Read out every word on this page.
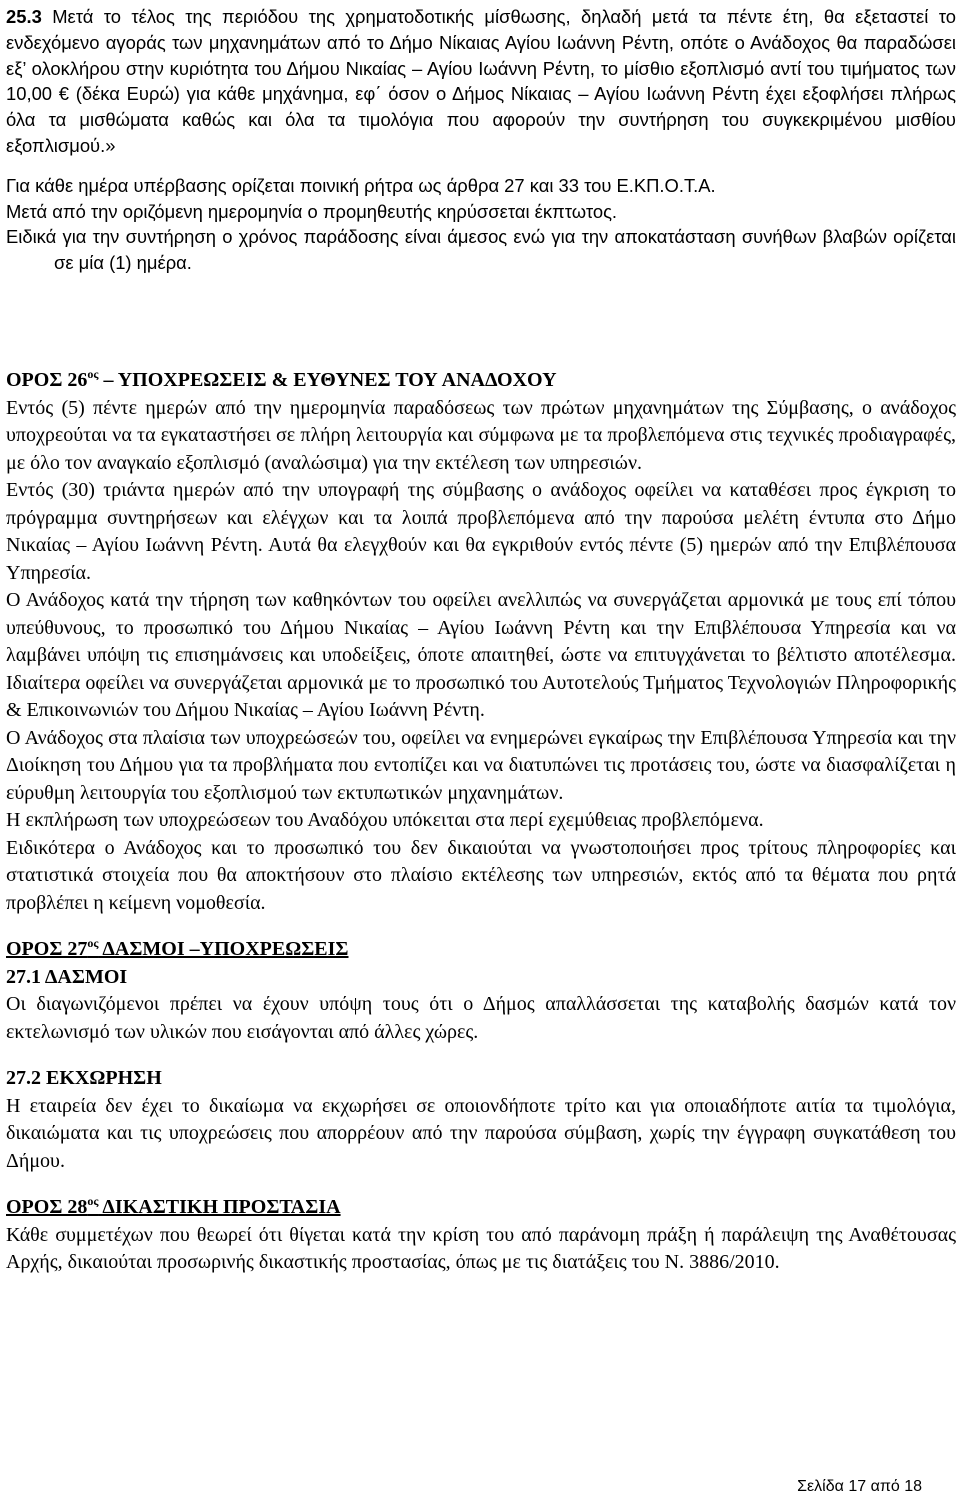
25.3 Μετά το τέλος της περιόδου της χρηματοδοτικής μίσθωσης, δηλαδή μετά τα πέντε έτη, θα εξεταστεί το ενδεχόμενο αγοράς των μηχανημάτων από το Δήμο Νίκαιας Αγίου Ιωάννη Ρέντη, οπότε ο Ανάδοχος θα παραδώσει εξ’ ολοκλήρου στην κυριότητα του Δήμου Νικαίας – Αγίου Ιωάννη Ρέντη, το μίσθιο εξοπλισμό αντί του τιμήματος των 10,00 € (δέκα Ευρώ) για κάθε μηχάνημα, εφ΄ όσον ο Δήμος Νίκαιας – Αγίου Ιωάννη Ρέντη έχει εξοφλήσει πλήρως όλα τα μισθώματα καθώς και όλα τα τιμολόγια που αφορούν την συντήρηση του συγκεκριμένου μισθίου εξοπλισμού.»

Για κάθε ημέρα υπέρβασης ορίζεται ποινική ρήτρα ως άρθρα 27 και 33 του Ε.ΚΠ.Ο.Τ.Α.

Μετά από την οριζόμενη ημερομηνία ο προμηθευτής κηρύσσεται έκπτωτος.

Ειδικά για την συντήρηση ο χρόνος παράδοσης είναι άμεσος ενώ για την αποκατάσταση συνήθων βλαβών ορίζεται σε μία (1) ημέρα.

ΟΡΟΣ $26^{o\varsigma}$ – ΥΠΟΧΡΕΩΣΕΙΣ & ΕΥΘΥΝΕΣ ΤΟΥ ΑΝΑΔΟΧΟΥ

Εντός (5) πέντε ημερών από την ημερομηνία παραδόσεως των πρώτων μηχανημάτων της Σύμβασης, ο ανάδοχος υποχρεούται να τα εγκαταστήσει σε πλήρη λειτουργία και σύμφωνα με τα προβλεπόμενα στις τεχνικές προδιαγραφές, με όλο τον αναγκαίο εξοπλισμό (αναλώσιμα) για την εκτέλεση των υπηρεσιών.

Εντός (30) τριάντα ημερών από την υπογραφή της σύμβασης ο ανάδοχος οφείλει να καταθέσει προς έγκριση το πρόγραμμα συντηρήσεων και ελέγχων και τα λοιπά προβλεπόμενα από την παρούσα μελέτη έντυπα στο Δήμο Νικαίας – Αγίου Ιωάννη Ρέντη. Αυτά θα ελεγχθούν και θα εγκριθούν εντός πέντε (5) ημερών από την Επιβλέπουσα Υπηρεσία.

Ο Ανάδοχος κατά την τήρηση των καθηκόντων του οφείλει ανελλιπώς να συνεργάζεται αρμονικά με τους επί τόπου υπεύθυνους, το προσωπικό του Δήμου Νικαίας – Αγίου Ιωάννη Ρέντη και την Επιβλέπουσα Υπηρεσία και να λαμβάνει υπόψη τις επισημάνσεις και υποδείξεις, όποτε απαιτηθεί, ώστε να επιτυγχάνεται το βέλτιστο αποτέλεσμα. Ιδιαίτερα οφείλει να συνεργάζεται αρμονικά με το προσωπικό του Αυτοτελούς Τμήματος Τεχνολογιών Πληροφορικής & Επικοινωνιών του Δήμου Νικαίας – Αγίου Ιωάννη Ρέντη.

Ο Ανάδοχος στα πλαίσια των υποχρεώσεών του, οφείλει να ενημερώνει εγκαίρως την Επιβλέπουσα Υπηρεσία και την Διοίκηση του Δήμου για τα προβλήματα που εντοπίζει και να διατυπώνει τις προτάσεις του, ώστε να διασφαλίζεται η εύρυθμη λειτουργία του εξοπλισμού των εκτυπωτικών μηχανημάτων.

Η εκπλήρωση των υποχρεώσεων του Αναδόχου υπόκειται στα περί εχεμύθειας προβλεπόμενα.

Ειδικότερα ο Ανάδοχος και το προσωπικό του δεν δικαιούται να γνωστοποιήσει προς τρίτους πληροφορίες και στατιστικά στοιχεία που θα αποκτήσουν στο πλαίσιο εκτέλεσης των υπηρεσιών, εκτός από τα θέματα που ρητά προβλέπει η κείμενη νομοθεσία.

ΟΡΟΣ $27^{o\varsigma}$ ΔΑΣΜΟΙ –ΥΠΟΧΡΕΩΣΕΙΣ

27.1 ΔΑΣΜΟΙ

Οι διαγωνιζόμενοι πρέπει να έχουν υπόψη τους ότι ο Δήμος απαλλάσσεται της καταβολής δασμών κατά τον εκτελωνισμό των υλικών που εισάγονται από άλλες χώρες.

27.2 ΕΚΧΩΡΗΣΗ

Η εταιρεία δεν έχει το δικαίωμα να εκχωρήσει σε οποιονδήποτε τρίτο και για οποιαδήποτε αιτία τα τιμολόγια, δικαιώματα και τις υποχρεώσεις που απορρέουν από την παρούσα σύμβαση, χωρίς την έγγραφη συγκατάθεση του Δήμου.

ΟΡΟΣ $28^{o\varsigma}$ ΔΙΚΑΣΤΙΚΗ ΠΡΟΣΤΑΣΙΑ

Κάθε συμμετέχων που θεωρεί ότι θίγεται κατά την κρίση του από παράνομη πράξη ή παράλειψη της Αναθέτουσας Αρχής, δικαιούται προσωρινής δικαστικής προστασίας, όπως με τις διατάξεις του Ν. 3886/2010.

Σελίδα 17 από 18
